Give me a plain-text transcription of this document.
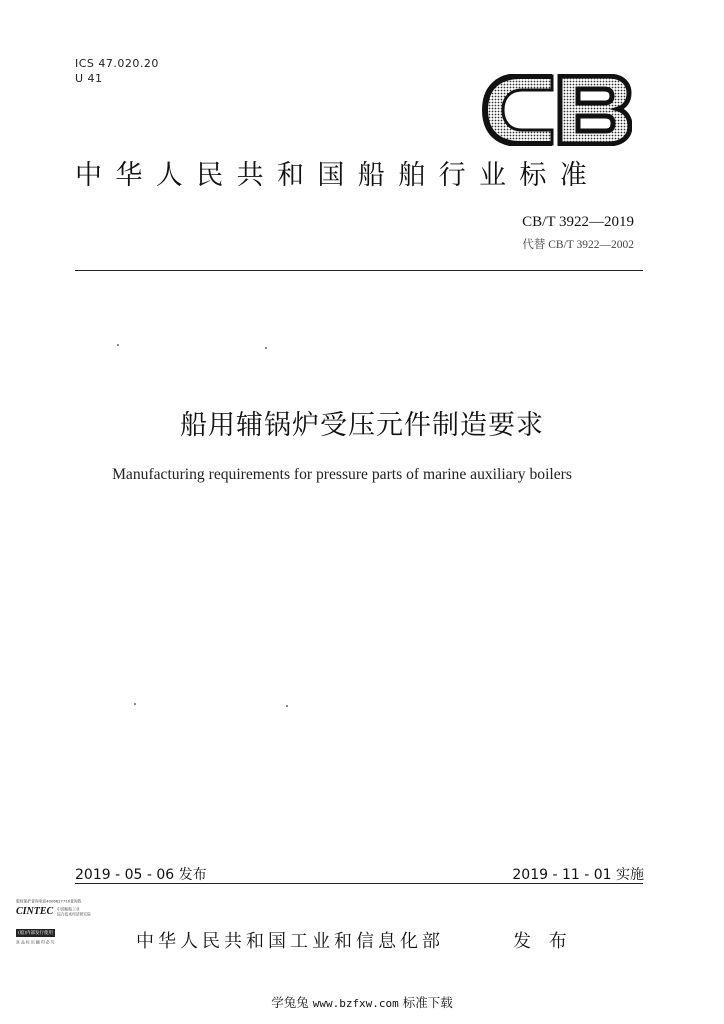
ICS 47.020.20
U 41
中华人民共和国船舶行业标准
CB/T 3922—2019
代替 CB/T 3922—2002
船用辅锅炉受压元件制造要求
Manufacturing requirements for pressure parts of marine auxiliary boilers
2019 - 05 - 06 发布	2019 - 11 - 01 实施
版权保护查询电话4006627710查询热
CINTEC 中国船舶工业
综合技术经济研究院
(船)内部发行使用
真 品 标 识 翻 印 必 究	中华人民共和国工业和信息化部	发 布
学兔兔 www.bzfxw.com 标准下载
